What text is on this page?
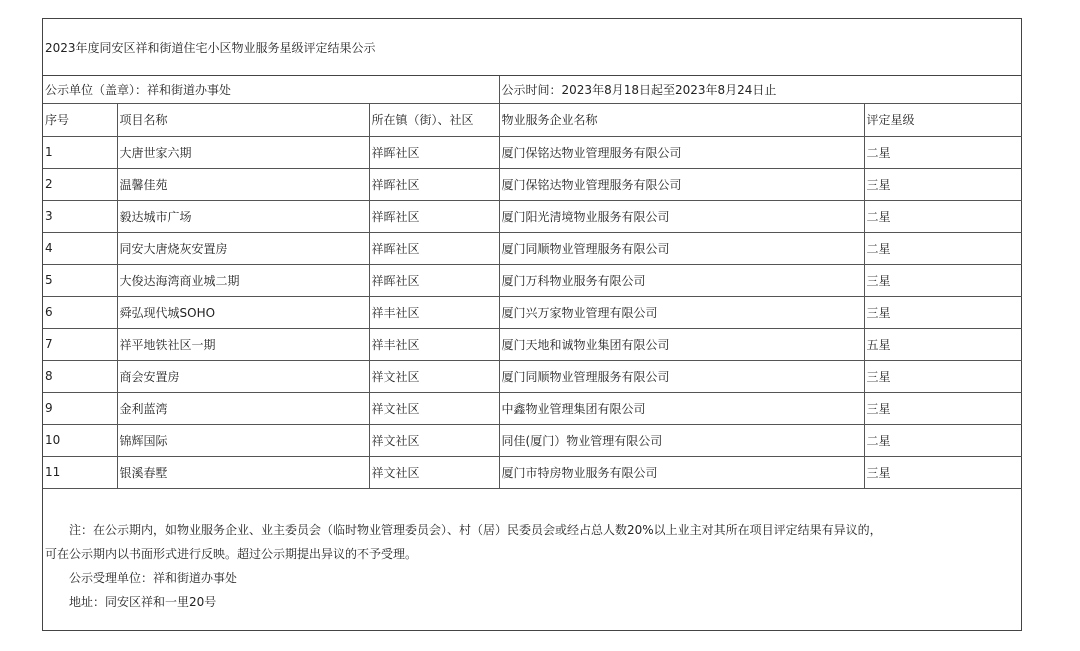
2023年度同安区祥和街道住宅小区物业服务星级评定结果公示
公示单位（盖章）：祥和街道办事处			公示时间：2023年8月18日起至2023年8月24日止	
序号	项目名称	所在镇（街）、社区	物业服务企业名称	评定星级
1	大唐世家六期	祥晖社区	厦门保铭达物业管理服务有限公司	二星
2	温馨佳苑	祥晖社区	厦门保铭达物业管理服务有限公司	三星
3	毅达城市广场	祥晖社区	厦门阳光清境物业服务有限公司	二星
4	同安大唐烧灰安置房	祥晖社区	厦门同顺物业管理服务有限公司	二星
5	大俊达海湾商业城二期	祥晖社区	厦门万科物业服务有限公司	三星
6	舜弘现代城SOHO	祥丰社区	厦门兴万家物业管理有限公司	三星
7	祥平地铁社区一期	祥丰社区	厦门天地和诚物业集团有限公司	五星
8	商会安置房	祥文社区	厦门同顺物业管理服务有限公司	三星
9	金利蓝湾	祥文社区	中鑫物业管理集团有限公司	三星
10	锦辉国际	祥文社区	同佳(厦门）物业管理有限公司	二星
11	银溪春墅	祥文社区	厦门市特房物业服务有限公司	三星

注：在公示期内，如物业服务企业、业主委员会（临时物业管理委员会）、村（居）民委员会或经占总人数20%以上业主对其所在项目评定结果有异议的，

可在公示期内以书面形式进行反映。超过公示期提出异议的不予受理。

公示受理单位：祥和街道办事处

地址：同安区祥和一里20号
